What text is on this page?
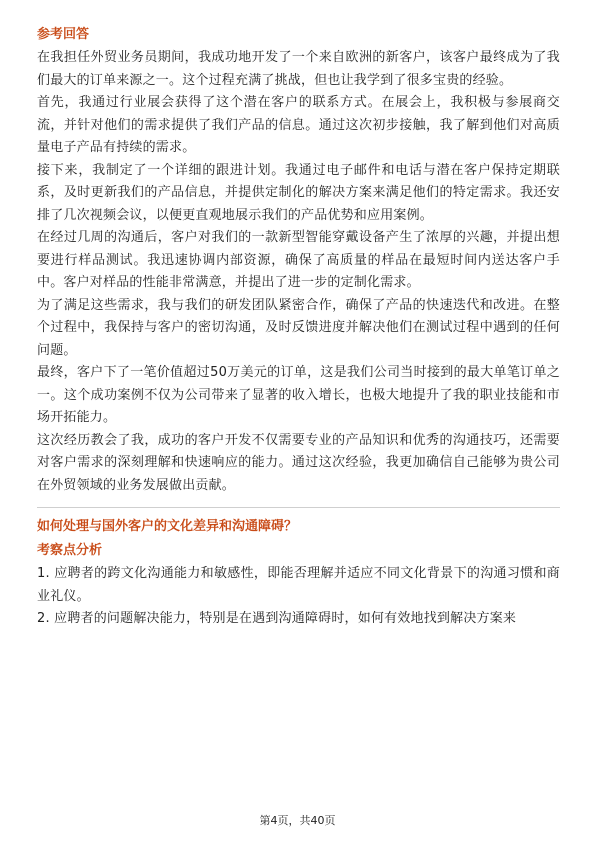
参考回答

在我担任外贸业务员期间，我成功地开发了一个来自欧洲的新客户，该客户最终成为了我们最大的订单来源之一。这个过程充满了挑战，但也让我学到了很多宝贵的经验。

首先，我通过行业展会获得了这个潜在客户的联系方式。在展会上，我积极与参展商交流，并针对他们的需求提供了我们产品的信息。通过这次初步接触，我了解到他们对高质量电子产品有持续的需求。

接下来，我制定了一个详细的跟进计划。我通过电子邮件和电话与潜在客户保持定期联系，及时更新我们的产品信息，并提供定制化的解决方案来满足他们的特定需求。我还安排了几次视频会议，以便更直观地展示我们的产品优势和应用案例。

在经过几周的沟通后，客户对我们的一款新型智能穿戴设备产生了浓厚的兴趣，并提出想要进行样品测试。我迅速协调内部资源，确保了高质量的样品在最短时间内送达客户手中。客户对样品的性能非常满意，并提出了进一步的定制化需求。

为了满足这些需求，我与我们的研发团队紧密合作，确保了产品的快速迭代和改进。在整个过程中，我保持与客户的密切沟通，及时反馈进度并解决他们在测试过程中遇到的任何问题。

最终，客户下了一笔价值超过50万美元的订单，这是我们公司当时接到的最大单笔订单之一。这个成功案例不仅为公司带来了显著的收入增长，也极大地提升了我的职业技能和市场开拓能力。

这次经历教会了我，成功的客户开发不仅需要专业的产品知识和优秀的沟通技巧，还需要对客户需求的深刻理解和快速响应的能力。通过这次经验，我更加确信自己能够为贵公司在外贸领域的业务发展做出贡献。

如何处理与国外客户的文化差异和沟通障碍？
考察点分析

1. 应聘者的跨文化沟通能力和敏感性，即能否理解并适应不同文化背景下的沟通习惯和商业礼仪。

2. 应聘者的问题解决能力，特别是在遇到沟通障碍时，如何有效地找到解决方案来

第4页，共40页
